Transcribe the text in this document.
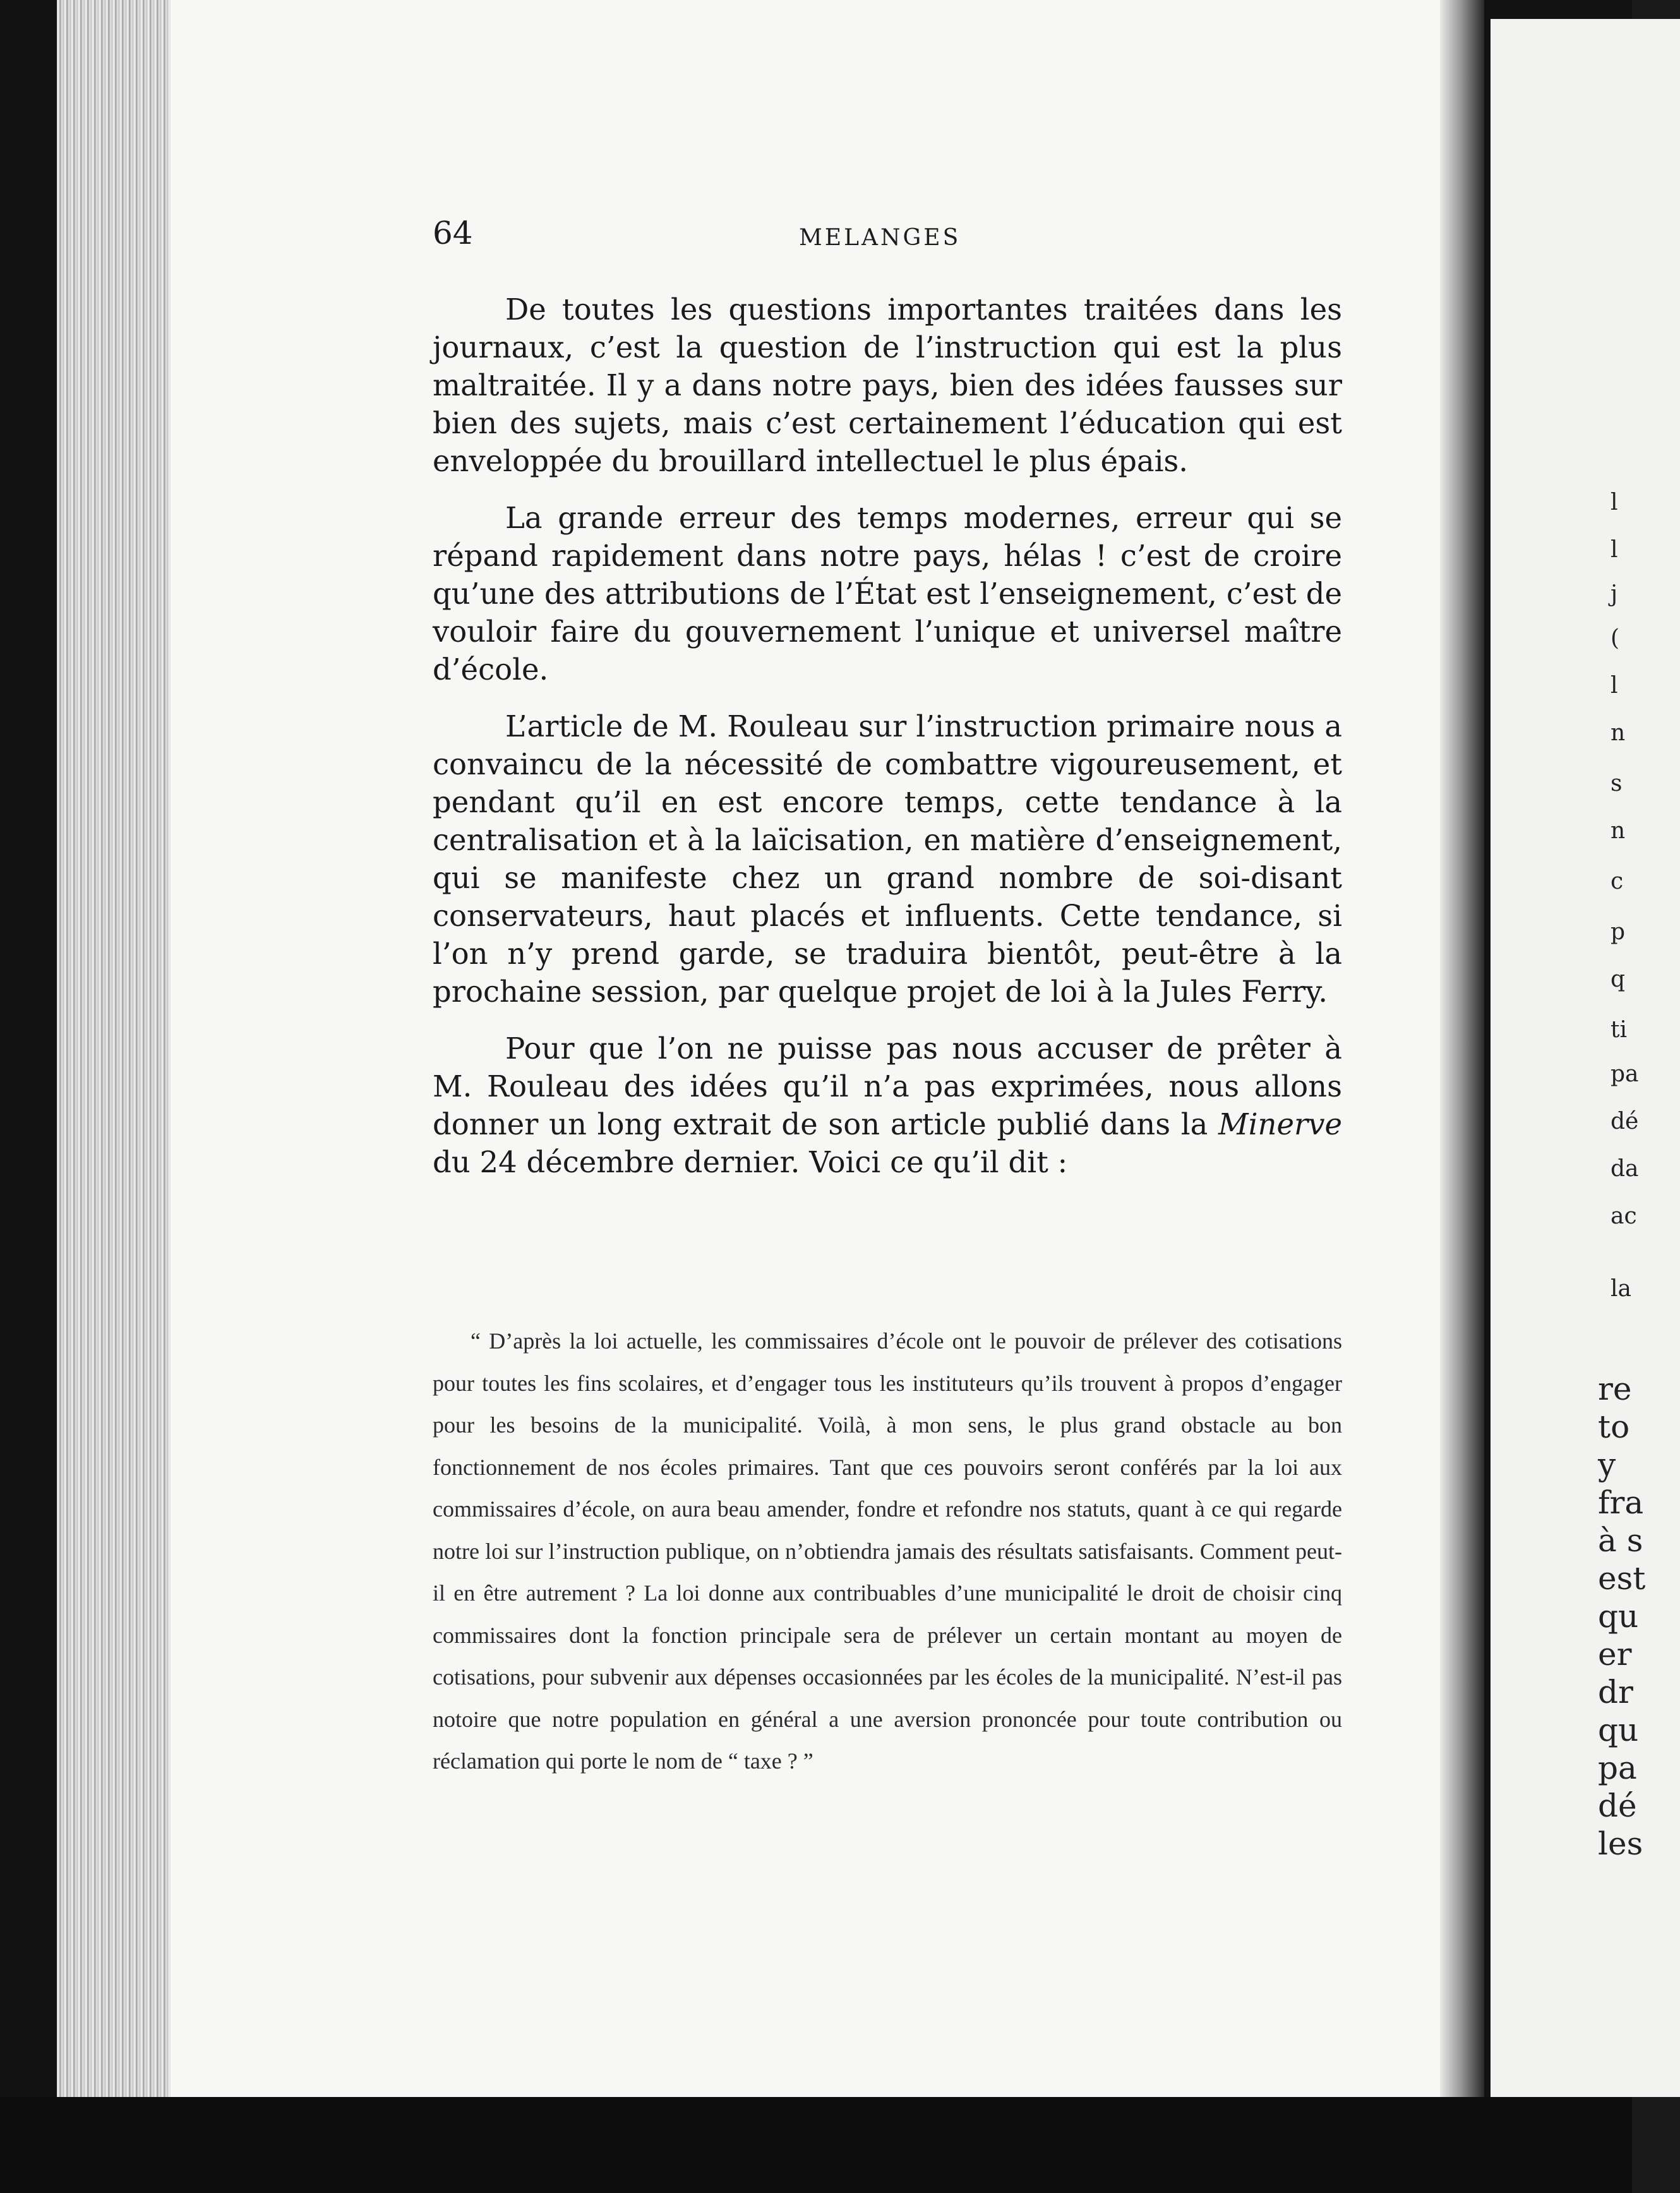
l
l
j
(
l
n
s
n
c
p
q
ti
pa
dé
da
ac
la
re
to
y
fra
à s
est
qu
er
dr
qu
pa
dé
les
64	MELANGES

De toutes les questions importantes traitées dans les journaux, c’est la question de l’instruction qui est la plus maltraitée. Il y a dans notre pays, bien des idées fausses sur bien des sujets, mais c’est certainement l’éducation qui est enveloppée du brouillard intellectuel le plus épais.

La grande erreur des temps modernes, erreur qui se répand rapidement dans notre pays, hélas ! c’est de croire qu’une des attributions de l’État est l’enseignement, c’est de vouloir faire du gouvernement l’unique et universel maître d’école.

L’article de M. Rouleau sur l’instruction primaire nous a convaincu de la nécessité de combattre vigoureusement, et pendant qu’il en est encore temps, cette tendance à la centralisation et à la laïcisation, en matière d’enseignement, qui se manifeste chez un grand nombre de soi-disant conservateurs, haut placés et influents. Cette tendance, si l’on n’y prend garde, se traduira bientôt, peut-être à la prochaine session, par quelque projet de loi à la Jules Ferry.

Pour que l’on ne puisse pas nous accuser de prêter à M. Rouleau des idées qu’il n’a pas exprimées, nous allons donner un long extrait de son article publié dans la Minerve du 24 décembre dernier. Voici ce qu’il dit :

“ D’après la loi actuelle, les commissaires d’école ont le pouvoir de prélever des cotisations pour toutes les fins scolaires, et d’engager tous les instituteurs qu’ils trouvent à propos d’engager pour les besoins de la municipalité. Voilà, à mon sens, le plus grand obstacle au bon fonctionnement de nos écoles primaires. Tant que ces pouvoirs seront conférés par la loi aux commissaires d’école, on aura beau amender, fondre et refondre nos statuts, quant à ce qui regarde notre loi sur l’instruction publique, on n’obtiendra jamais des résultats satisfaisants. Comment peut-il en être autrement ? La loi donne aux contribuables d’une municipalité le droit de choisir cinq commissaires dont la fonction principale sera de prélever un certain montant au moyen de cotisations, pour subvenir aux dépenses occasionnées par les écoles de la municipalité. N’est-il pas notoire que notre population en général a une aversion prononcée pour toute contribution ou réclamation qui porte le nom de “ taxe ? ”
